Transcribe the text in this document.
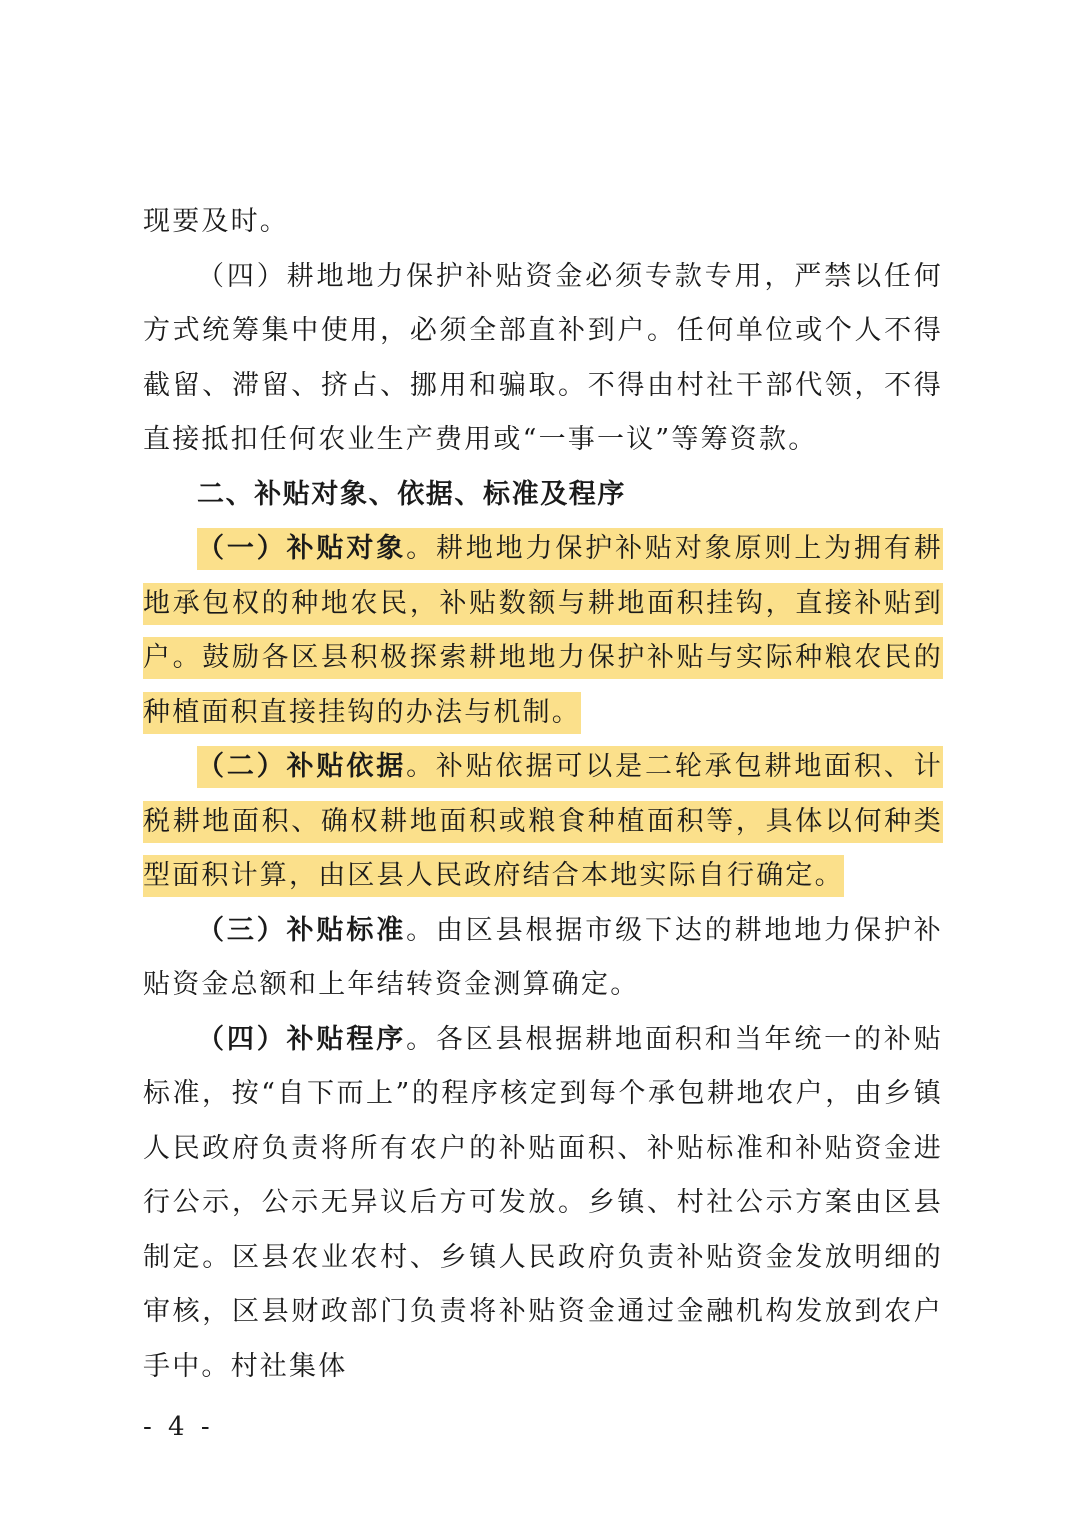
现要及时。

（四）耕地地力保护补贴资金必须专款专用，严禁以任何方式统筹集中使用，必须全部直补到户。任何单位或个人不得截留、滞留、挤占、挪用和骗取。不得由村社干部代领，不得直接抵扣任何农业生产费用或“一事一议”等筹资款。

二、补贴对象、依据、标准及程序

（一）补贴对象。耕地地力保护补贴对象原则上为拥有耕地承包权的种地农民，补贴数额与耕地面积挂钩，直接补贴到户。鼓励各区县积极探索耕地地力保护补贴与实际种粮农民的种植面积直接挂钩的办法与机制。

（二）补贴依据。补贴依据可以是二轮承包耕地面积、计税耕地面积、确权耕地面积或粮食种植面积等，具体以何种类型面积计算，由区县人民政府结合本地实际自行确定。

（三）补贴标准。由区县根据市级下达的耕地地力保护补贴资金总额和上年结转资金测算确定。

（四）补贴程序。各区县根据耕地面积和当年统一的补贴标准，按“自下而上”的程序核定到每个承包耕地农户，由乡镇人民政府负责将所有农户的补贴面积、补贴标准和补贴资金进行公示，公示无异议后方可发放。乡镇、村社公示方案由区县制定。区县农业农村、乡镇人民政府负责补贴资金发放明细的审核，区县财政部门负责将补贴资金通过金融机构发放到农户手中。村社集体

- 4 -
